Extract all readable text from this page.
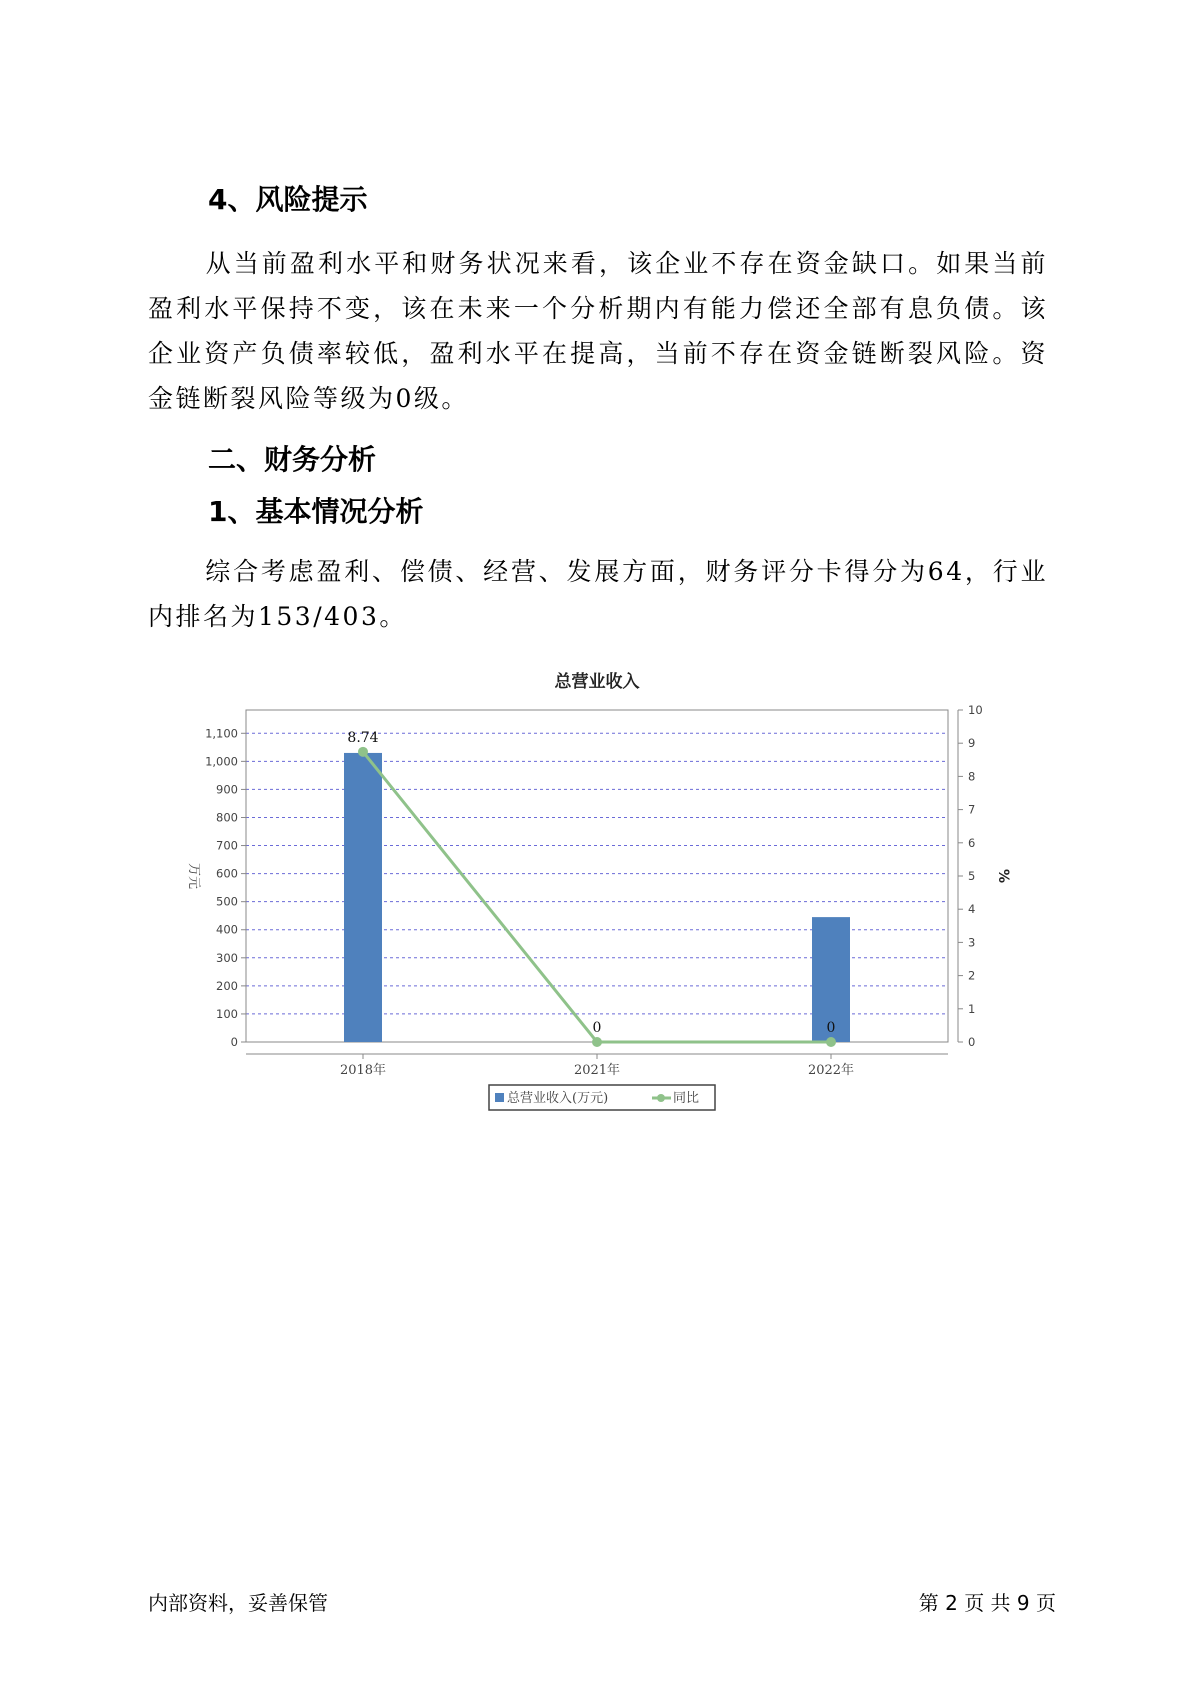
4、风险提示

从当前盈利水平和财务状况来看，该企业不存在资金缺口。如果当前盈利水平保持不变，该在未来一个分析期内有能力偿还全部有息负债。该企业资产负债率较低，盈利水平在提高，当前不存在资金链断裂风险。资金链断裂风险等级为0级。

二、财务分析
1、基本情况分析

综合考虑盈利、偿债、经营、发展方面，财务评分卡得分为64，行业内排名为153/403。

总营业收入
0
100
200
300
400
500
600
700
800
900
1,000
1,100
0
1
2
3
4
5
6
7
8
9
10
万元	%
2018年	2021年	2022年
8.74
0	0
总营业收入(万元)	同比
内部资料，妥善保管	第 2 页 共 9 页
